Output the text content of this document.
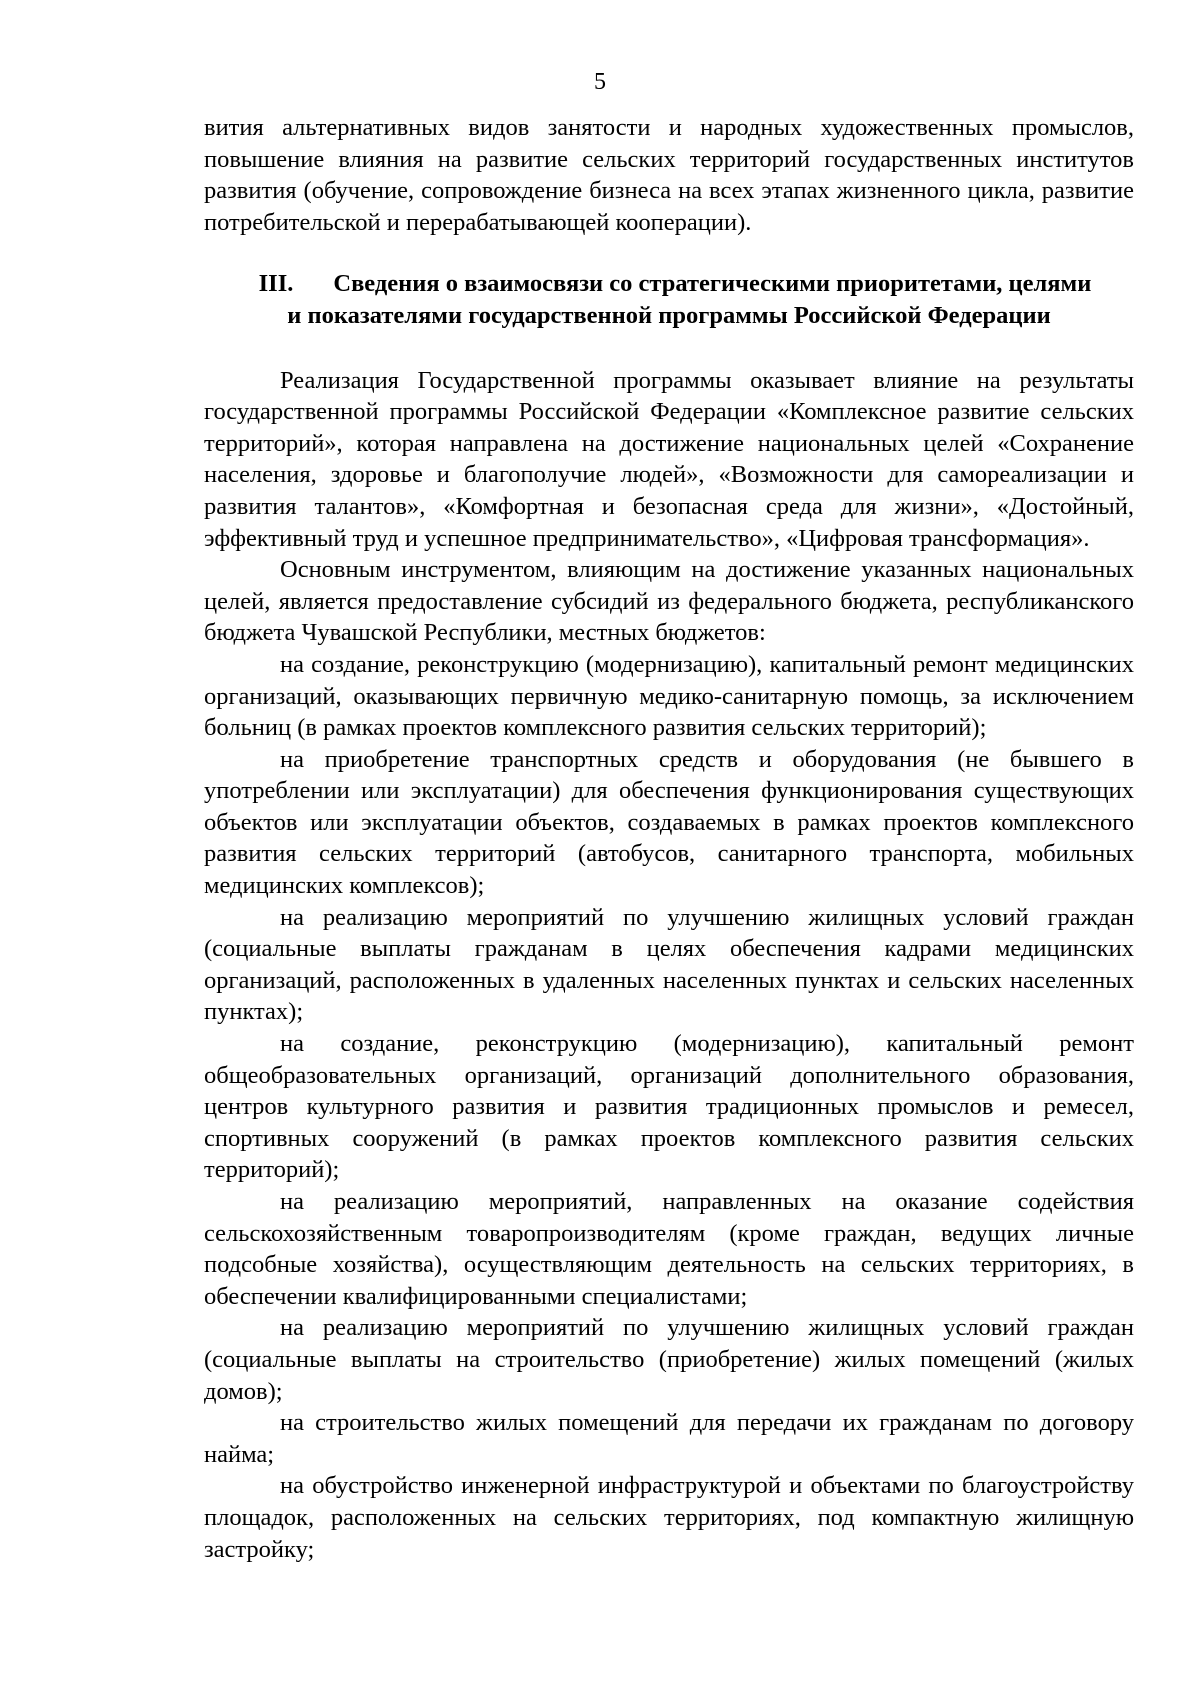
5

вития альтернативных видов занятости и народных художественных промыслов, повышение влияния на развитие сельских территорий государственных институтов развития (обучение, сопровождение бизнеса на всех этапах жизненного цикла, развитие потребительской и перерабатывающей кооперации).

III. Сведения о взаимосвязи со стратегическими приоритетами, целями
и показателями государственной программы Российской Федерации

Реализация Государственной программы оказывает влияние на результаты государственной программы Российской Федерации «Комплексное развитие сельских территорий», которая направлена на достижение национальных целей «Сохранение населения, здоровье и благополучие людей», «Возможности для самореализации и развития талантов», «Комфортная и безопасная среда для жизни», «Достойный, эффективный труд и успешное предпринимательство», «Цифровая трансформация».

Основным инструментом, влияющим на достижение указанных национальных целей, является предоставление субсидий из федерального бюджета, республиканского бюджета Чувашской Республики, местных бюджетов:

на создание, реконструкцию (модернизацию), капитальный ремонт медицинских организаций, оказывающих первичную медико-санитарную помощь, за исключением больниц (в рамках проектов комплексного развития сельских территорий);

на приобретение транспортных средств и оборудования (не бывшего в употреблении или эксплуатации) для обеспечения функционирования существующих объектов или эксплуатации объектов, создаваемых в рамках проектов комплексного развития сельских территорий (автобусов, санитарного транспорта, мобильных медицинских комплексов);

на реализацию мероприятий по улучшению жилищных условий граждан (социальные выплаты гражданам в целях обеспечения кадрами медицинских организаций, расположенных в удаленных населенных пунктах и сельских населенных пунктах);

на создание, реконструкцию (модернизацию), капитальный ремонт общеобразовательных организаций, организаций дополнительного образования, центров культурного развития и развития традиционных промыслов и ремесел, спортивных сооружений (в рамках проектов комплексного развития сельских территорий);

на реализацию мероприятий, направленных на оказание содействия сельскохозяйственным товаропроизводителям (кроме граждан, ведущих личные подсобные хозяйства), осуществляющим деятельность на сельских территориях, в обеспечении квалифицированными специалистами;

на реализацию мероприятий по улучшению жилищных условий граждан (социальные выплаты на строительство (приобретение) жилых помещений (жилых домов);

на строительство жилых помещений для передачи их гражданам по договору найма;

на обустройство инженерной инфраструктурой и объектами по благоустройству площадок, расположенных на сельских территориях, под компактную жилищную застройку;
